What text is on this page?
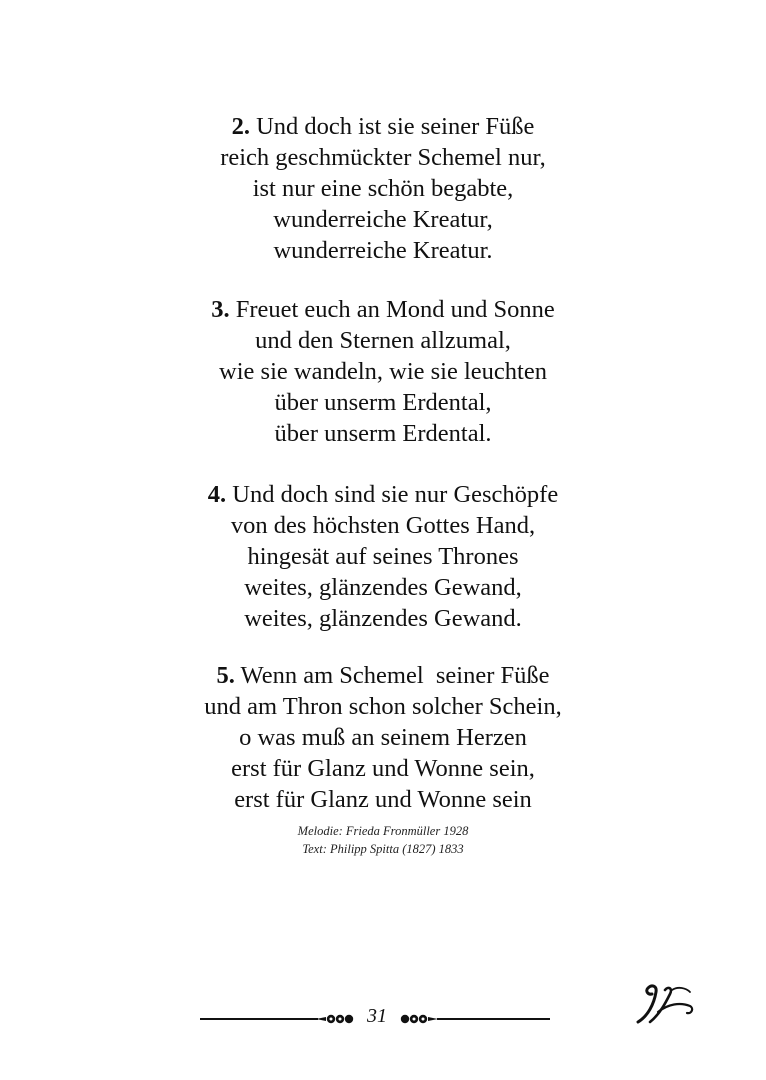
2. Und doch ist sie seiner Füße
reich geschmückter Schemel nur,
ist nur eine schön begabte,
wunderreiche Kreatur,
wunderreiche Kreatur.
3. Freuet euch an Mond und Sonne
und den Sternen allzumal,
wie sie wandeln, wie sie leuchten
über unserm Erdental,
über unserm Erdental.
4. Und doch sind sie nur Geschöpfe
von des höchsten Gottes Hand,
hingesät auf seines Thrones
weites, glänzendes Gewand,
weites, glänzendes Gewand.
5. Wenn am Schemel  seiner Füße
und am Thron schon solcher Schein,
o was muß an seinem Herzen
erst für Glanz und Wonne sein,
erst für Glanz und Wonne sein
Melodie: Frieda Fronmüller 1928
Text: Philipp Spitta (1827) 1833
31
